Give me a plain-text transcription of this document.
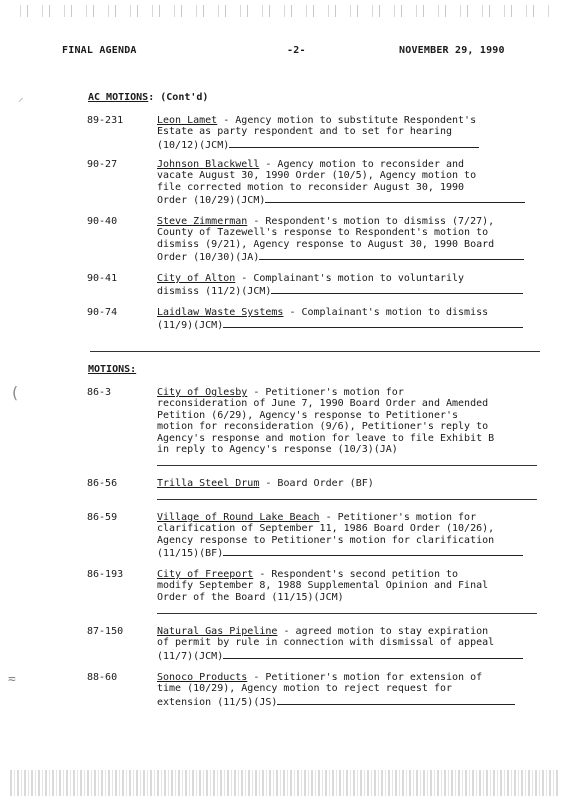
FINAL AGENDA	-2-	NOVEMBER 29, 1990
⸝
(
≂
AC MOTIONS: (Cont'd)
89-231	Leon Lamet - Agency motion to substitute Respondent's
Estate as party respondent and to set for hearing
(10/12)(JCM)
90-27	Johnson Blackwell - Agency motion to reconsider and
vacate August 30, 1990 Order (10/5), Agency motion to
file corrected motion to reconsider August 30, 1990
Order (10/29)(JCM)
90-40	Steve Zimmerman - Respondent's motion to dismiss (7/27),
County of Tazewell's response to Respondent's motion to
dismiss (9/21), Agency response to August 30, 1990 Board
Order (10/30)(JA)
90-41	City of Alton - Complainant's motion to voluntarily
dismiss (11/2)(JCM)
90-74	Laidlaw Waste Systems - Complainant's motion to dismiss
(11/9)(JCM)
MOTIONS:
86-3	City of Oglesby - Petitioner's motion for
reconsideration of June 7, 1990 Board Order and Amended
Petition (6/29), Agency's response to Petitioner's
motion for reconsideration (9/6), Petitioner's reply to
Agency's response and motion for leave to file Exhibit B
in reply to Agency's response (10/3)(JA)
86-56	Trilla Steel Drum - Board Order (BF)
86-59	Village of Round Lake Beach - Petitioner's motion for
clarification of September 11, 1986 Board Order (10/26),
Agency response to Petitioner's motion for clarification
(11/15)(BF)
86-193	City of Freeport - Respondent's second petition to
modify September 8, 1988 Supplemental Opinion and Final
Order of the Board (11/15)(JCM)
87-150	Natural Gas Pipeline - agreed motion to stay expiration
of permit by rule in connection with dismissal of appeal
(11/7)(JCM)
88-60	Sonoco Products - Petitioner's motion for extension of
time (10/29), Agency motion to reject request for
extension (11/5)(JS)
